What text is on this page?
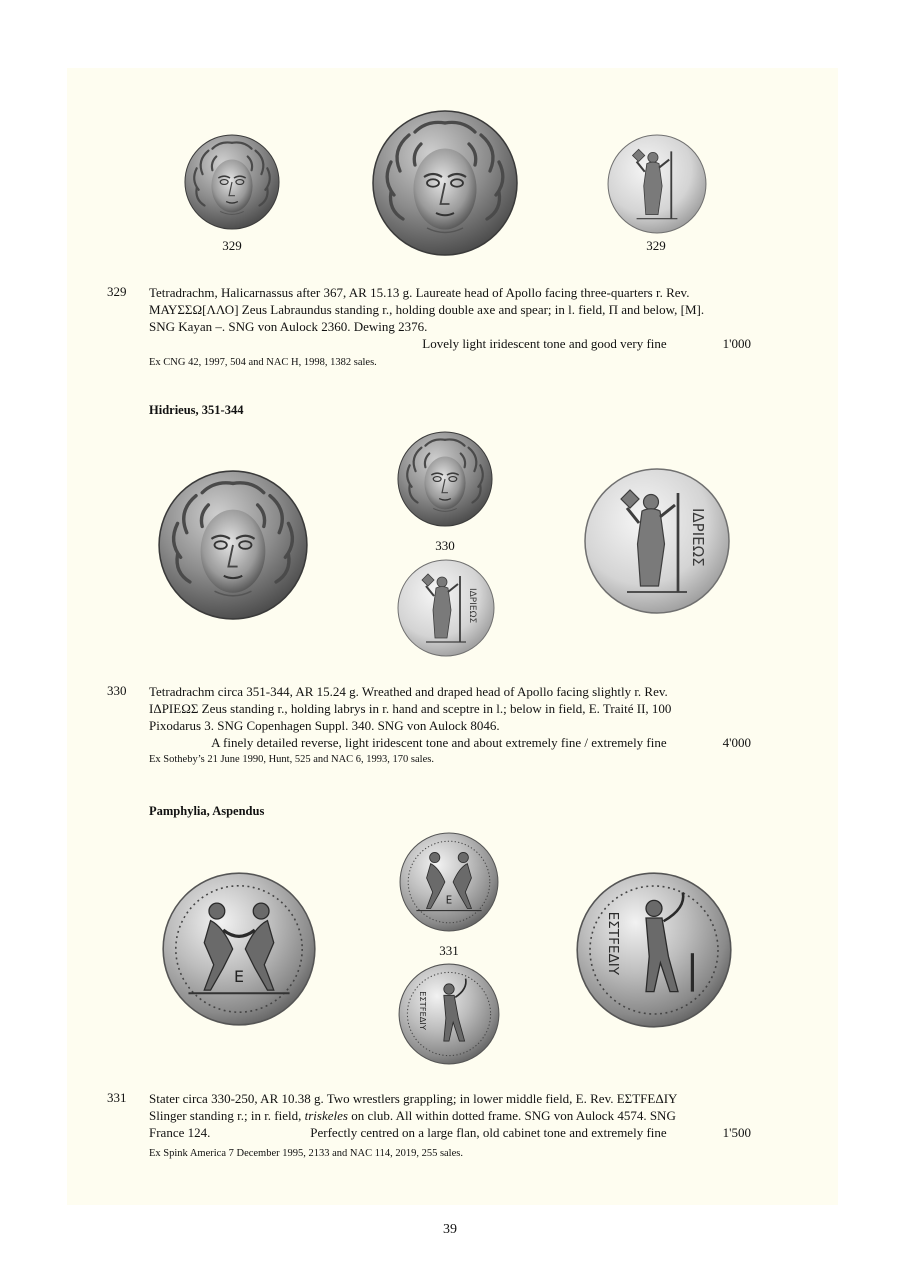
329	329
329 Tetradrachm, Halicarnassus after 367, AR 15.13 g. Laureate head of Apollo facing three-quarters r. Rev.

ΜΑΥΣΣΩ[ΛΛΟ] Zeus Labraundus standing r., holding double axe and spear; in l. field, Π and below, [M].

SNG Kayan –. SNG von Aulock 2360. Dewing 2376.

Lovely light iridescent tone and good very fine	1'000
Ex CNG 42, 1997, 504 and NAC H, 1998, 1382 sales.
Hidrieus, 351-344
330
ΙΔΡΙΕΩΣ
ΙΔΡΙΕΩΣ
330 Tetradrachm circa 351-344, AR 15.24 g. Wreathed and draped head of Apollo facing slightly r. Rev.

ΙΔΡΙΕΩΣ Zeus standing r., holding labrys in r. hand and sceptre in l.; below in field, E. Traité II, 100

Pixodarus 3. SNG Copenhagen Suppl. 340. SNG von Aulock 8046.

A finely detailed reverse, light iridescent tone and about extremely fine / extremely fine	4'000
Ex Sotheby’s 21 June 1990, Hunt, 525 and NAC 6, 1993, 170 sales.
Pamphylia, Aspendus
E
E
331
ΕΣΤFΕΔΙΥ
ΕΣΤFΕΔΙΥ
331 Stater circa 330-250, AR 10.38 g. Two wrestlers grappling; in lower middle field, E. Rev. ΕΣΤFΕΔΙΥ

Slinger standing r.; in r. field, triskeles on club. All within dotted frame. SNG von Aulock 4574. SNG

France 124.	Perfectly centred on a large flan, old cabinet tone and extremely fine	1'500
Ex Spink America 7 December 1995, 2133 and NAC 114, 2019, 255 sales.
39
